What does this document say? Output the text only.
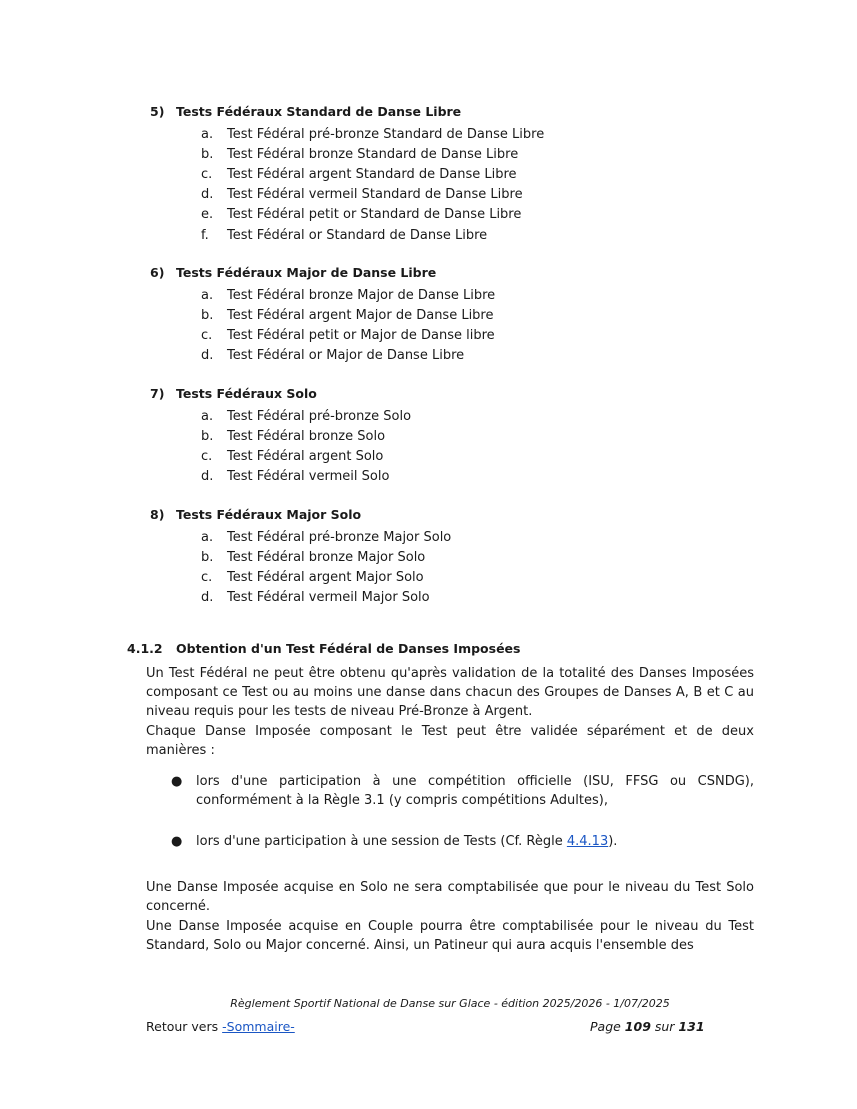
5) Tests Fédéraux Standard de Danse Libre
a. Test Fédéral pré-bronze Standard de Danse Libre
b. Test Fédéral bronze Standard de Danse Libre
c. Test Fédéral argent Standard de Danse Libre
d. Test Fédéral vermeil Standard de Danse Libre
e. Test Fédéral petit or Standard de Danse Libre
f. Test Fédéral or Standard de Danse Libre
6) Tests Fédéraux Major de Danse Libre
a. Test Fédéral bronze Major de Danse Libre
b. Test Fédéral argent Major de Danse Libre
c. Test Fédéral petit or Major de Danse libre
d. Test Fédéral or Major de Danse Libre
7) Tests Fédéraux Solo
a. Test Fédéral pré-bronze Solo
b. Test Fédéral bronze Solo
c. Test Fédéral argent Solo
d. Test Fédéral vermeil Solo
8) Tests Fédéraux Major Solo
a. Test Fédéral pré-bronze Major Solo
b. Test Fédéral bronze Major Solo
c. Test Fédéral argent Major Solo
d. Test Fédéral vermeil Major Solo
4.1.2 Obtention d'un Test Fédéral de Danses Imposées
Un Test Fédéral ne peut être obtenu qu'après validation de la totalité des Danses Imposées composant ce Test ou au moins une danse dans chacun des Groupes de Danses A, B et C au niveau requis pour les tests de niveau Pré-Bronze à Argent.
Chaque Danse Imposée composant le Test peut être validée séparément et de deux manières :
● lors d'une participation à une compétition officielle (ISU, FFSG ou CSNDG), conformément à la Règle 3.1 (y compris compétitions Adultes),
● lors d'une participation à une session de Tests (Cf. Règle 4.4.13).
Une Danse Imposée acquise en Solo ne sera comptabilisée que pour le niveau du Test Solo concerné.
Une Danse Imposée acquise en Couple pourra être comptabilisée pour le niveau du Test Standard, Solo ou Major concerné. Ainsi, un Patineur qui aura acquis l'ensemble des
Règlement Sportif National de Danse sur Glace - édition 2025/2026 - 1/07/2025
Retour vers -Sommaire-	Page 109 sur 131
